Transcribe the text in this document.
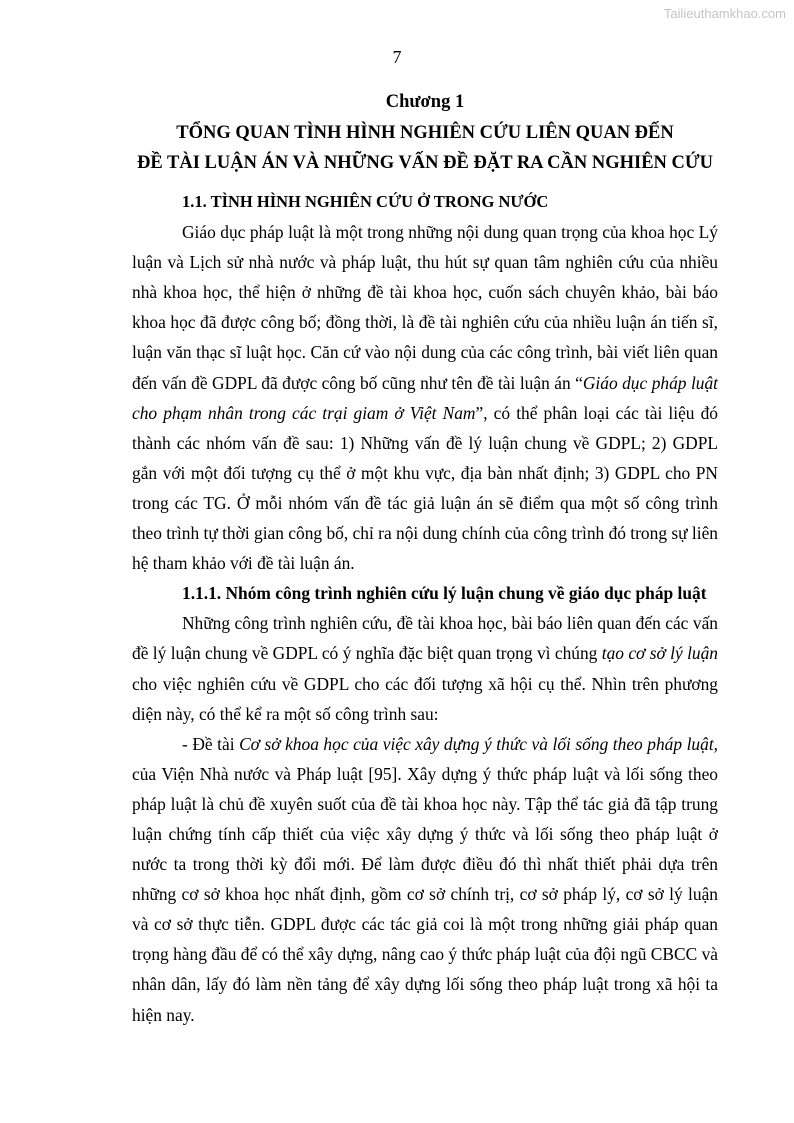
Tailieuthamkhao.com
7
Chương 1
TỔNG QUAN TÌNH HÌNH NGHIÊN CỨU LIÊN QUAN ĐẾN
ĐỀ TÀI LUẬN ÁN VÀ NHỮNG VẤN ĐỀ ĐẶT RA CẦN NGHIÊN CỨU
1.1. TÌNH HÌNH NGHIÊN CỨU Ở TRONG NƯỚC
Giáo dục pháp luật là một trong những nội dung quan trọng của khoa học Lý
luận và Lịch sử nhà nước và pháp luật, thu hút sự quan tâm nghiên cứu của nhiều
nhà khoa học, thể hiện ở những đề tài khoa học, cuốn sách chuyên khảo, bài báo
khoa học đã được công bố; đồng thời, là đề tài nghiên cứu của nhiều luận án tiến sĩ,
luận văn thạc sĩ luật học. Căn cứ vào nội dung của các công trình, bài viết liên quan
đến vấn đề GDPL đã được công bố cũng như tên đề tài luận án “Giáo dục pháp luật
cho phạm nhân trong các trại giam ở Việt Nam”, có thể phân loại các tài liệu đó
thành các nhóm vấn đề sau: 1) Những vấn đề lý luận chung về GDPL; 2) GDPL
gắn với một đối tượng cụ thể ở một khu vực, địa bàn nhất định; 3) GDPL cho PN
trong các TG. Ở mỗi nhóm vấn đề tác giả luận án sẽ điểm qua một số công trình
theo trình tự thời gian công bố, chỉ ra nội dung chính của công trình đó trong sự liên
hệ tham khảo với đề tài luận án.
1.1.1. Nhóm công trình nghiên cứu lý luận chung về giáo dục pháp luật
Những công trình nghiên cứu, đề tài khoa học, bài báo liên quan đến các vấn
đề lý luận chung về GDPL có ý nghĩa đặc biệt quan trọng vì chúng tạo cơ sở lý luận
cho việc nghiên cứu về GDPL cho các đối tượng xã hội cụ thể. Nhìn trên phương
diện này, có thể kể ra một số công trình sau:
- Đề tài Cơ sở khoa học của việc xây dựng ý thức và lối sống theo pháp luật,
của Viện Nhà nước và Pháp luật [95]. Xây dựng ý thức pháp luật và lối sống theo
pháp luật là chủ đề xuyên suốt của đề tài khoa học này. Tập thể tác giả đã tập trung
luận chứng tính cấp thiết của việc xây dựng ý thức và lối sống theo pháp luật ở
nước ta trong thời kỳ đổi mới. Để làm được điều đó thì nhất thiết phải dựa trên
những cơ sở khoa học nhất định, gồm cơ sở chính trị, cơ sở pháp lý, cơ sở lý luận
và cơ sở thực tiễn. GDPL được các tác giả coi là một trong những giải pháp quan
trọng hàng đầu để có thể xây dựng, nâng cao ý thức pháp luật của đội ngũ CBCC và
nhân dân, lấy đó làm nền tảng để xây dựng lối sống theo pháp luật trong xã hội ta
hiện nay.
